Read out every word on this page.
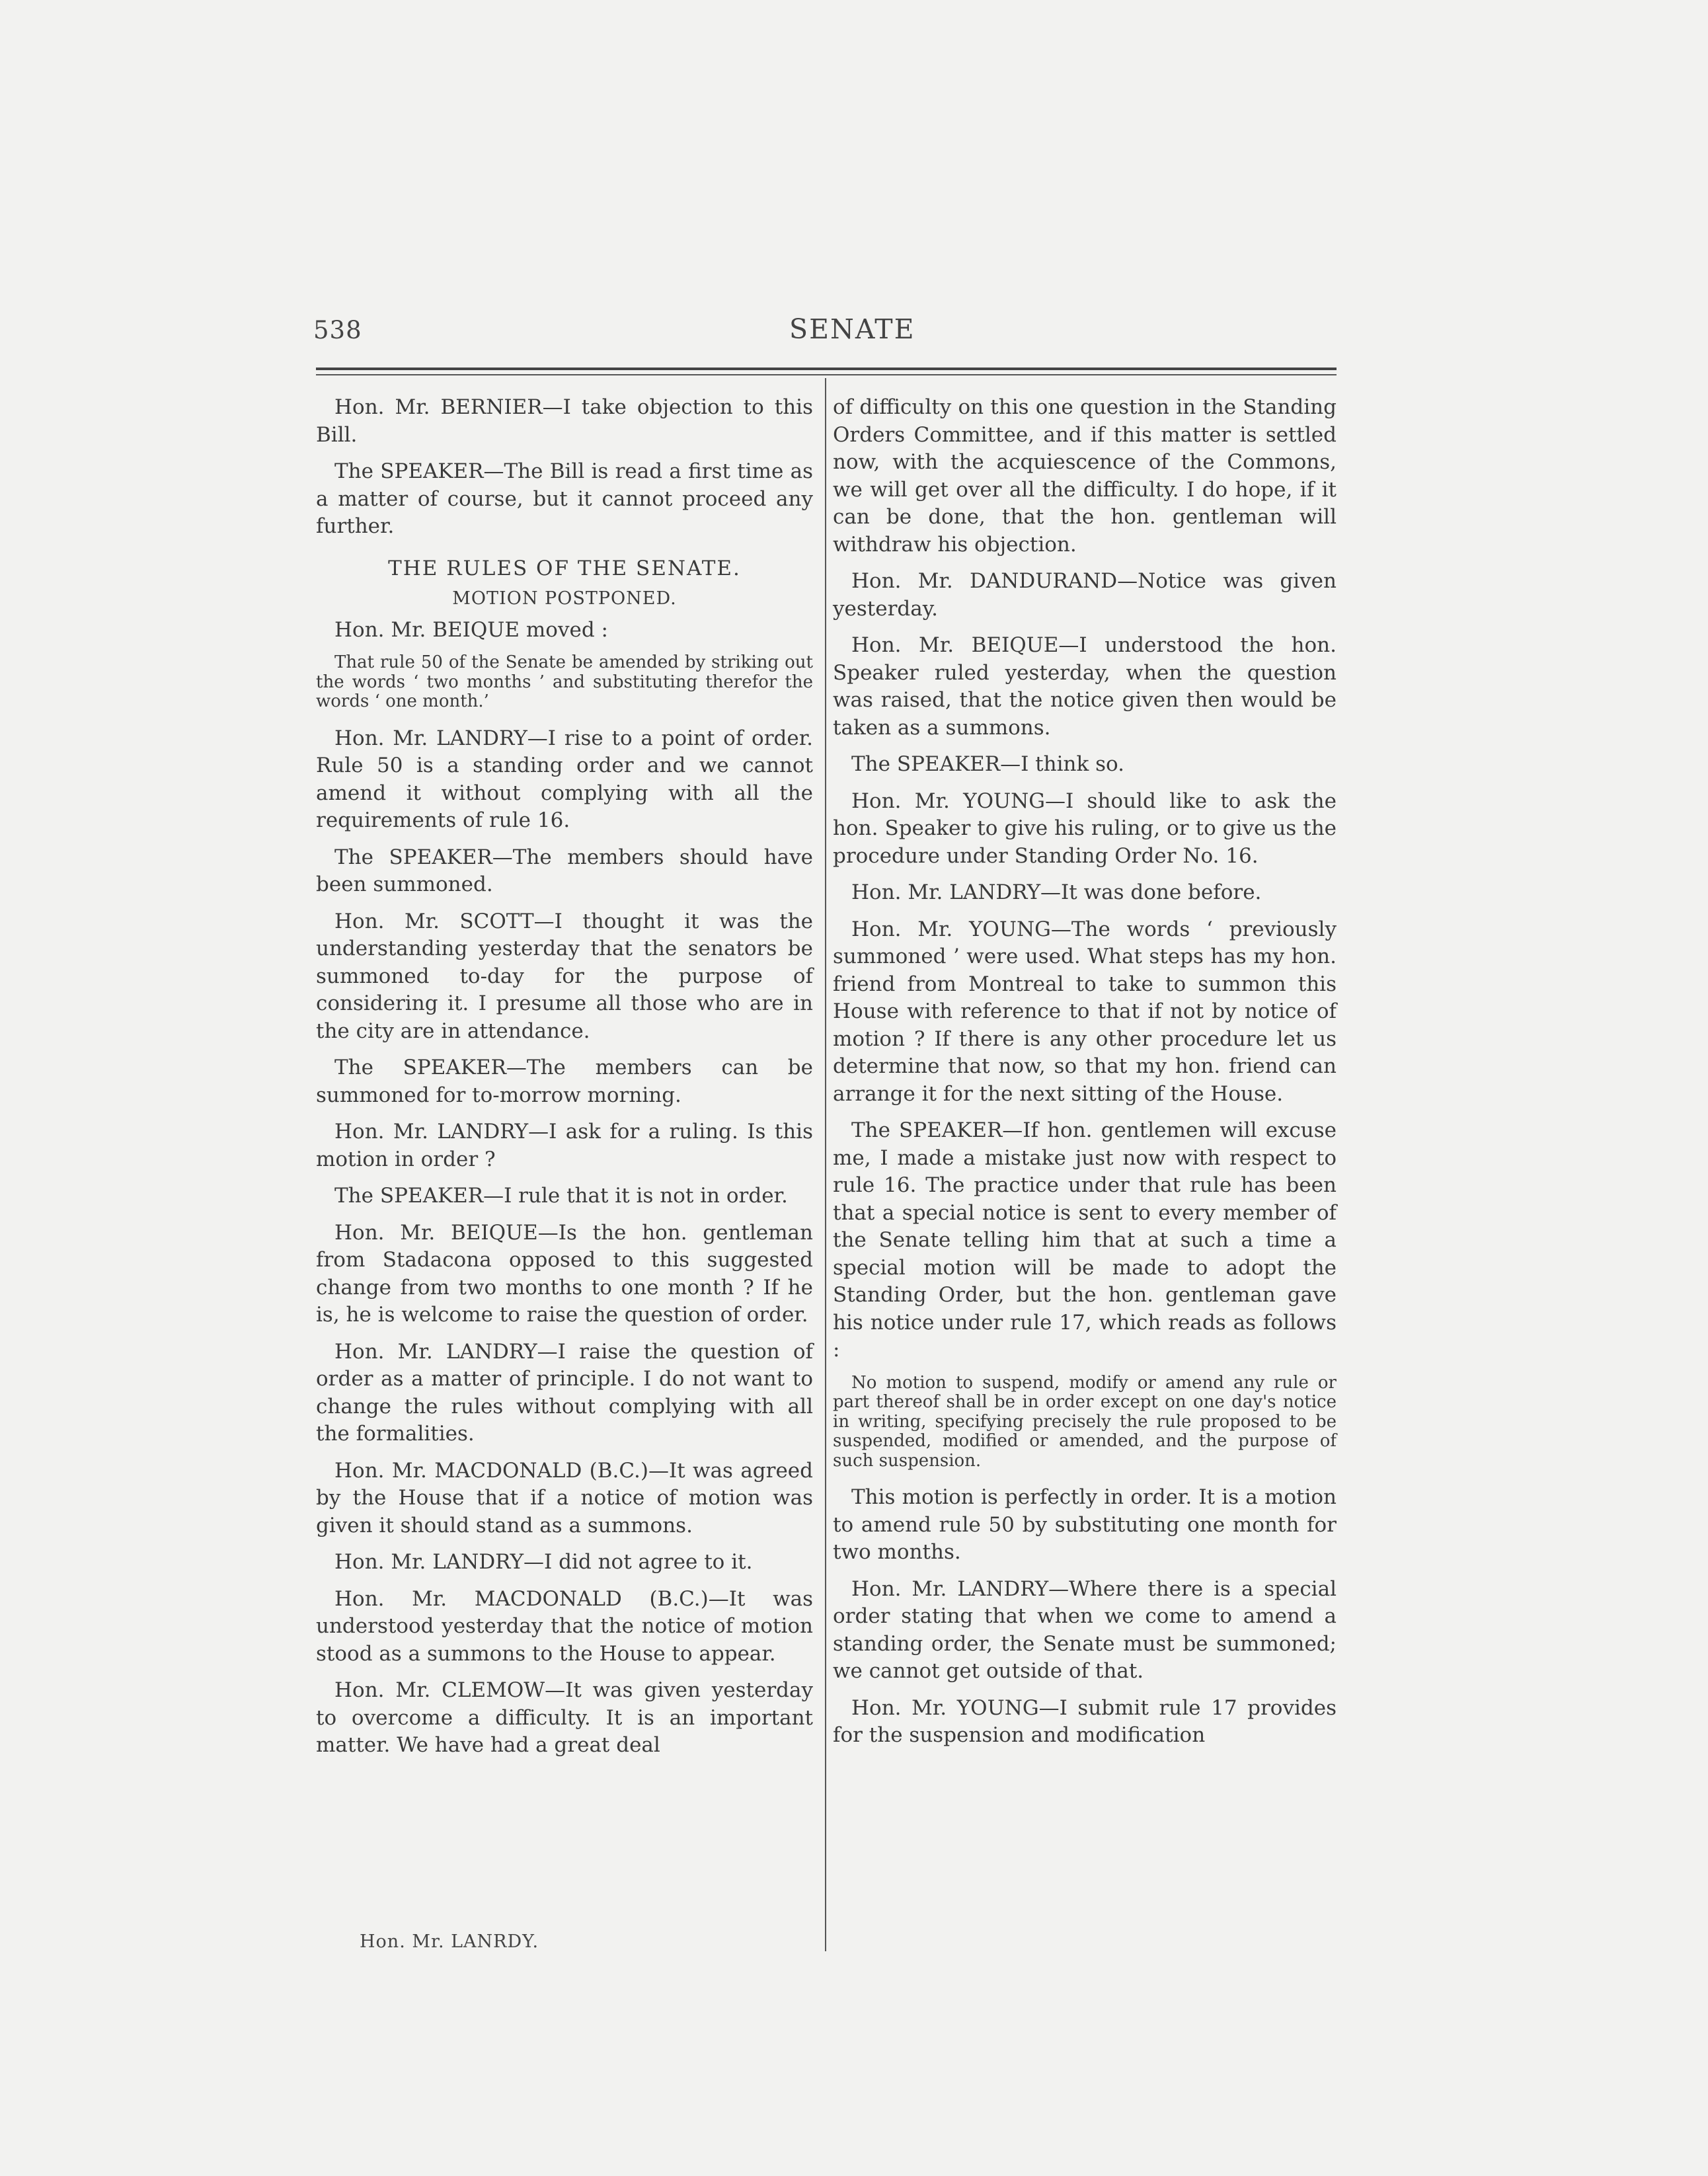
538	SENATE

Hon. Mr. BERNIER—I take objection to this Bill.

The SPEAKER—The Bill is read a first time as a matter of course, but it cannot proceed any further.

THE RULES OF THE SENATE.

MOTION POSTPONED.

Hon. Mr. BEIQUE moved :

That rule 50 of the Senate be amended by striking out the words ‘ two months ’ and substituting therefor the words ‘ one month.’

Hon. Mr. LANDRY—I rise to a point of order. Rule 50 is a standing order and we cannot amend it without complying with all the requirements of rule 16.

The SPEAKER—The members should have been summoned.

Hon. Mr. SCOTT—I thought it was the understanding yesterday that the senators be summoned to-day for the purpose of considering it. I presume all those who are in the city are in attendance.

The SPEAKER—The members can be summoned for to-morrow morning.

Hon. Mr. LANDRY—I ask for a ruling. Is this motion in order ?

The SPEAKER—I rule that it is not in order.

Hon. Mr. BEIQUE—Is the hon. gentleman from Stadacona opposed to this suggested change from two months to one month ? If he is, he is welcome to raise the question of order.

Hon. Mr. LANDRY—I raise the question of order as a matter of principle. I do not want to change the rules without complying with all the formalities.

Hon. Mr. MACDONALD (B.C.)—It was agreed by the House that if a notice of motion was given it should stand as a summons.

Hon. Mr. LANDRY—I did not agree to it.

Hon. Mr. MACDONALD (B.C.)—It was understood yesterday that the notice of motion stood as a summons to the House to appear.

Hon. Mr. CLEMOW—It was given yesterday to overcome a difficulty. It is an important matter. We have had a great deal

of difficulty on this one question in the Standing Orders Committee, and if this matter is settled now, with the acquiescence of the Commons, we will get over all the difficulty. I do hope, if it can be done, that the hon. gentleman will withdraw his objection.

Hon. Mr. DANDURAND—Notice was given yesterday.

Hon. Mr. BEIQUE—I understood the hon. Speaker ruled yesterday, when the question was raised, that the notice given then would be taken as a summons.

The SPEAKER—I think so.

Hon. Mr. YOUNG—I should like to ask the hon. Speaker to give his ruling, or to give us the procedure under Standing Order No. 16.

Hon. Mr. LANDRY—It was done before.

Hon. Mr. YOUNG—The words ‘ previously summoned ’ were used. What steps has my hon. friend from Montreal to take to summon this House with reference to that if not by notice of motion ? If there is any other procedure let us determine that now, so that my hon. friend can arrange it for the next sitting of the House.

The SPEAKER—If hon. gentlemen will excuse me, I made a mistake just now with respect to rule 16. The practice under that rule has been that a special notice is sent to every member of the Senate telling him that at such a time a special motion will be made to adopt the Standing Order, but the hon. gentleman gave his notice under rule 17, which reads as follows :

No motion to suspend, modify or amend any rule or part thereof shall be in order except on one day's notice in writing, specifying precisely the rule proposed to be suspended, modified or amended, and the purpose of such suspension.

This motion is perfectly in order. It is a motion to amend rule 50 by substituting one month for two months.

Hon. Mr. LANDRY—Where there is a special order stating that when we come to amend a standing order, the Senate must be summoned; we cannot get outside of that.

Hon. Mr. YOUNG—I submit rule 17 provides for the suspension and modification

Hon. Mr. LANRDY.
